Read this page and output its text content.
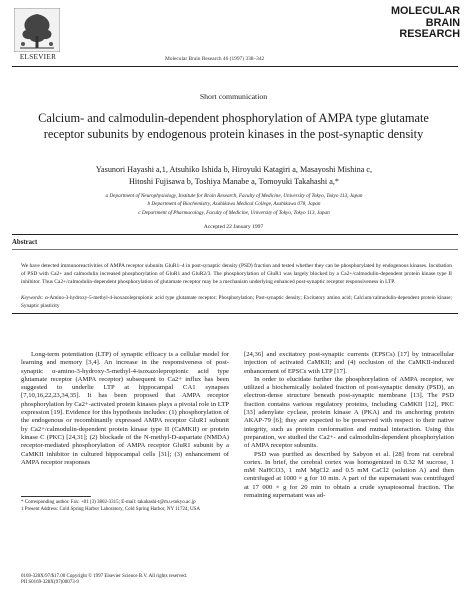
ELSEVIER	Molecular Brain Research 46 (1997) 338–342
MOLECULAR
BRAIN
RESEARCH
Short communication
Calcium- and calmodulin-dependent phosphorylation of AMPA type glutamate receptor subunits by endogenous protein kinases in the post-synaptic density
Yasunori Hayashi a,1, Atsuhiko Ishida b, Hiroyuki Katagiri a, Masayoshi Mishina c,
Hitoshi Fujisawa b, Toshiya Manabe a, Tomoyuki Takahashi a,*
a Department of Neurophysiology, Institute for Brain Research, Faculty of Medicine, University of Tokyo, Tokyo 113, Japan
b Department of Biochemistry, Asahikawa Medical College, Asahikawa 078, Japan
c Department of Pharmacology, Faculty of Medicine, University of Tokyo, Tokyo 113, Japan
Accepted 22 January 1997
Abstract
We have detected immunoreactivities of AMPA receptor subunits GluR1–4 in post-synaptic density (PSD) fraction and tested whether they can be phosphorylated by endogenous kinases. Incubation of PSD with Ca2+ and calmodulin increased phosphorylation of GluR1 and GluR2/3. The phosphorylation of GluR1 was largely blocked by a Ca2+/calmodulin-dependent protein kinase type II inhibitor. Thus Ca2+/calmodulin-dependent phosphorylation of glutamate receptor may be a mechanism underlying enhanced post-synaptic receptor responsiveness in LTP.
Keywords: α-Amino-3-hydroxy-5-methyl-4-isoxazolepropionic acid type glutamate receptor; Phosphorylation; Post-synaptic density; Excitatory amino acid; Calcium/calmodulin-dependent protein kinase; Synaptic plasticity

Long-term potentiation (LTP) of synaptic efficacy is a cellular model for learning and memory [3,4]. An increase in the responsiveness of post-synaptic α-amino-3-hydroxy-5-methyl-4-isoxazolepropionic acid type glutamate receptor (AMPA receptor) subsequent to Ca2+ influx has been suggested to underlie LTP at hippocampal CA1 synapses [7,10,16,22,23,34,35]. It has been proposed that AMPA receptor phosphorylation by Ca2+-activated protein kinases plays a pivotal role in LTP expression [19]. Evidence for this hypothesis includes: (1) phosphorylation of the endogenous or recombinantly expressed AMPA receptor GluR1 subunit by Ca2+/calmodulin-dependent protein kinase type II (CaMKII) or protein kinase C (PKC) [24,31]; (2) blockade of the N-methyl-D-aspartate (NMDA) receptor-mediated phosphorylation of AMPA receptor GluR1 subunit by a CaMKII inhibitor in cultured hippocampal cells [31]; (3) enhancement of AMPA receptor responses

[24,36] and excitatory post-synaptic currents (EPSCs) [17] by intracellular injection of activated CaMKII; and (4) occlusion of the CaMKII-induced enhancement of EPSCs with LTP [17].

In order to elucidate further the phosphorylation of AMPA receptor, we utilized a biochemically isolated fraction of post-synaptic density (PSD), an electron-dense structure beneath post-synaptic membrane [13]. The PSD fraction contains various regulatory proteins, including CaMKII [12], PKC [33] adenylate cyclase, protein kinase A (PKA) and its anchoring protein AKAP-79 [6]; they are expected to be preserved with respect to their native integrity, such as protein conformation and mutual interaction. Using this preparation, we studied the Ca2+- and calmodulin-dependent phosphorylation of AMPA receptor subunits.

PSD was purified as described by Sabyon et al. [28] from rat cerebral cortex. In brief, the cerebral cortex was homogenized in 0.32 M sucrose, 1 mM NaHCO3, 1 mM MgCl2 and 0.5 mM CaCl2 (solution A) and then centrifuged at 1000 × g for 10 min. A part of the supernatant was centrifuged at 17 000 × g for 20 min to obtain a crude synaptosomal fraction. The remaining supernatant was ad-

* Corresponding author. Fax: +81 (3) 3802-3315; E-mail: takahashi-t@m.u-tokyo.ac.jp
1 Present Address: Cold Spring Harbor Laboratory, Cold Spring Harbor, NY 11724, USA
0169-328X/97/$17.00 Copyright © 1997 Elsevier Science B.V. All rights reserved.
PII S0169-328X(97)00073-9
